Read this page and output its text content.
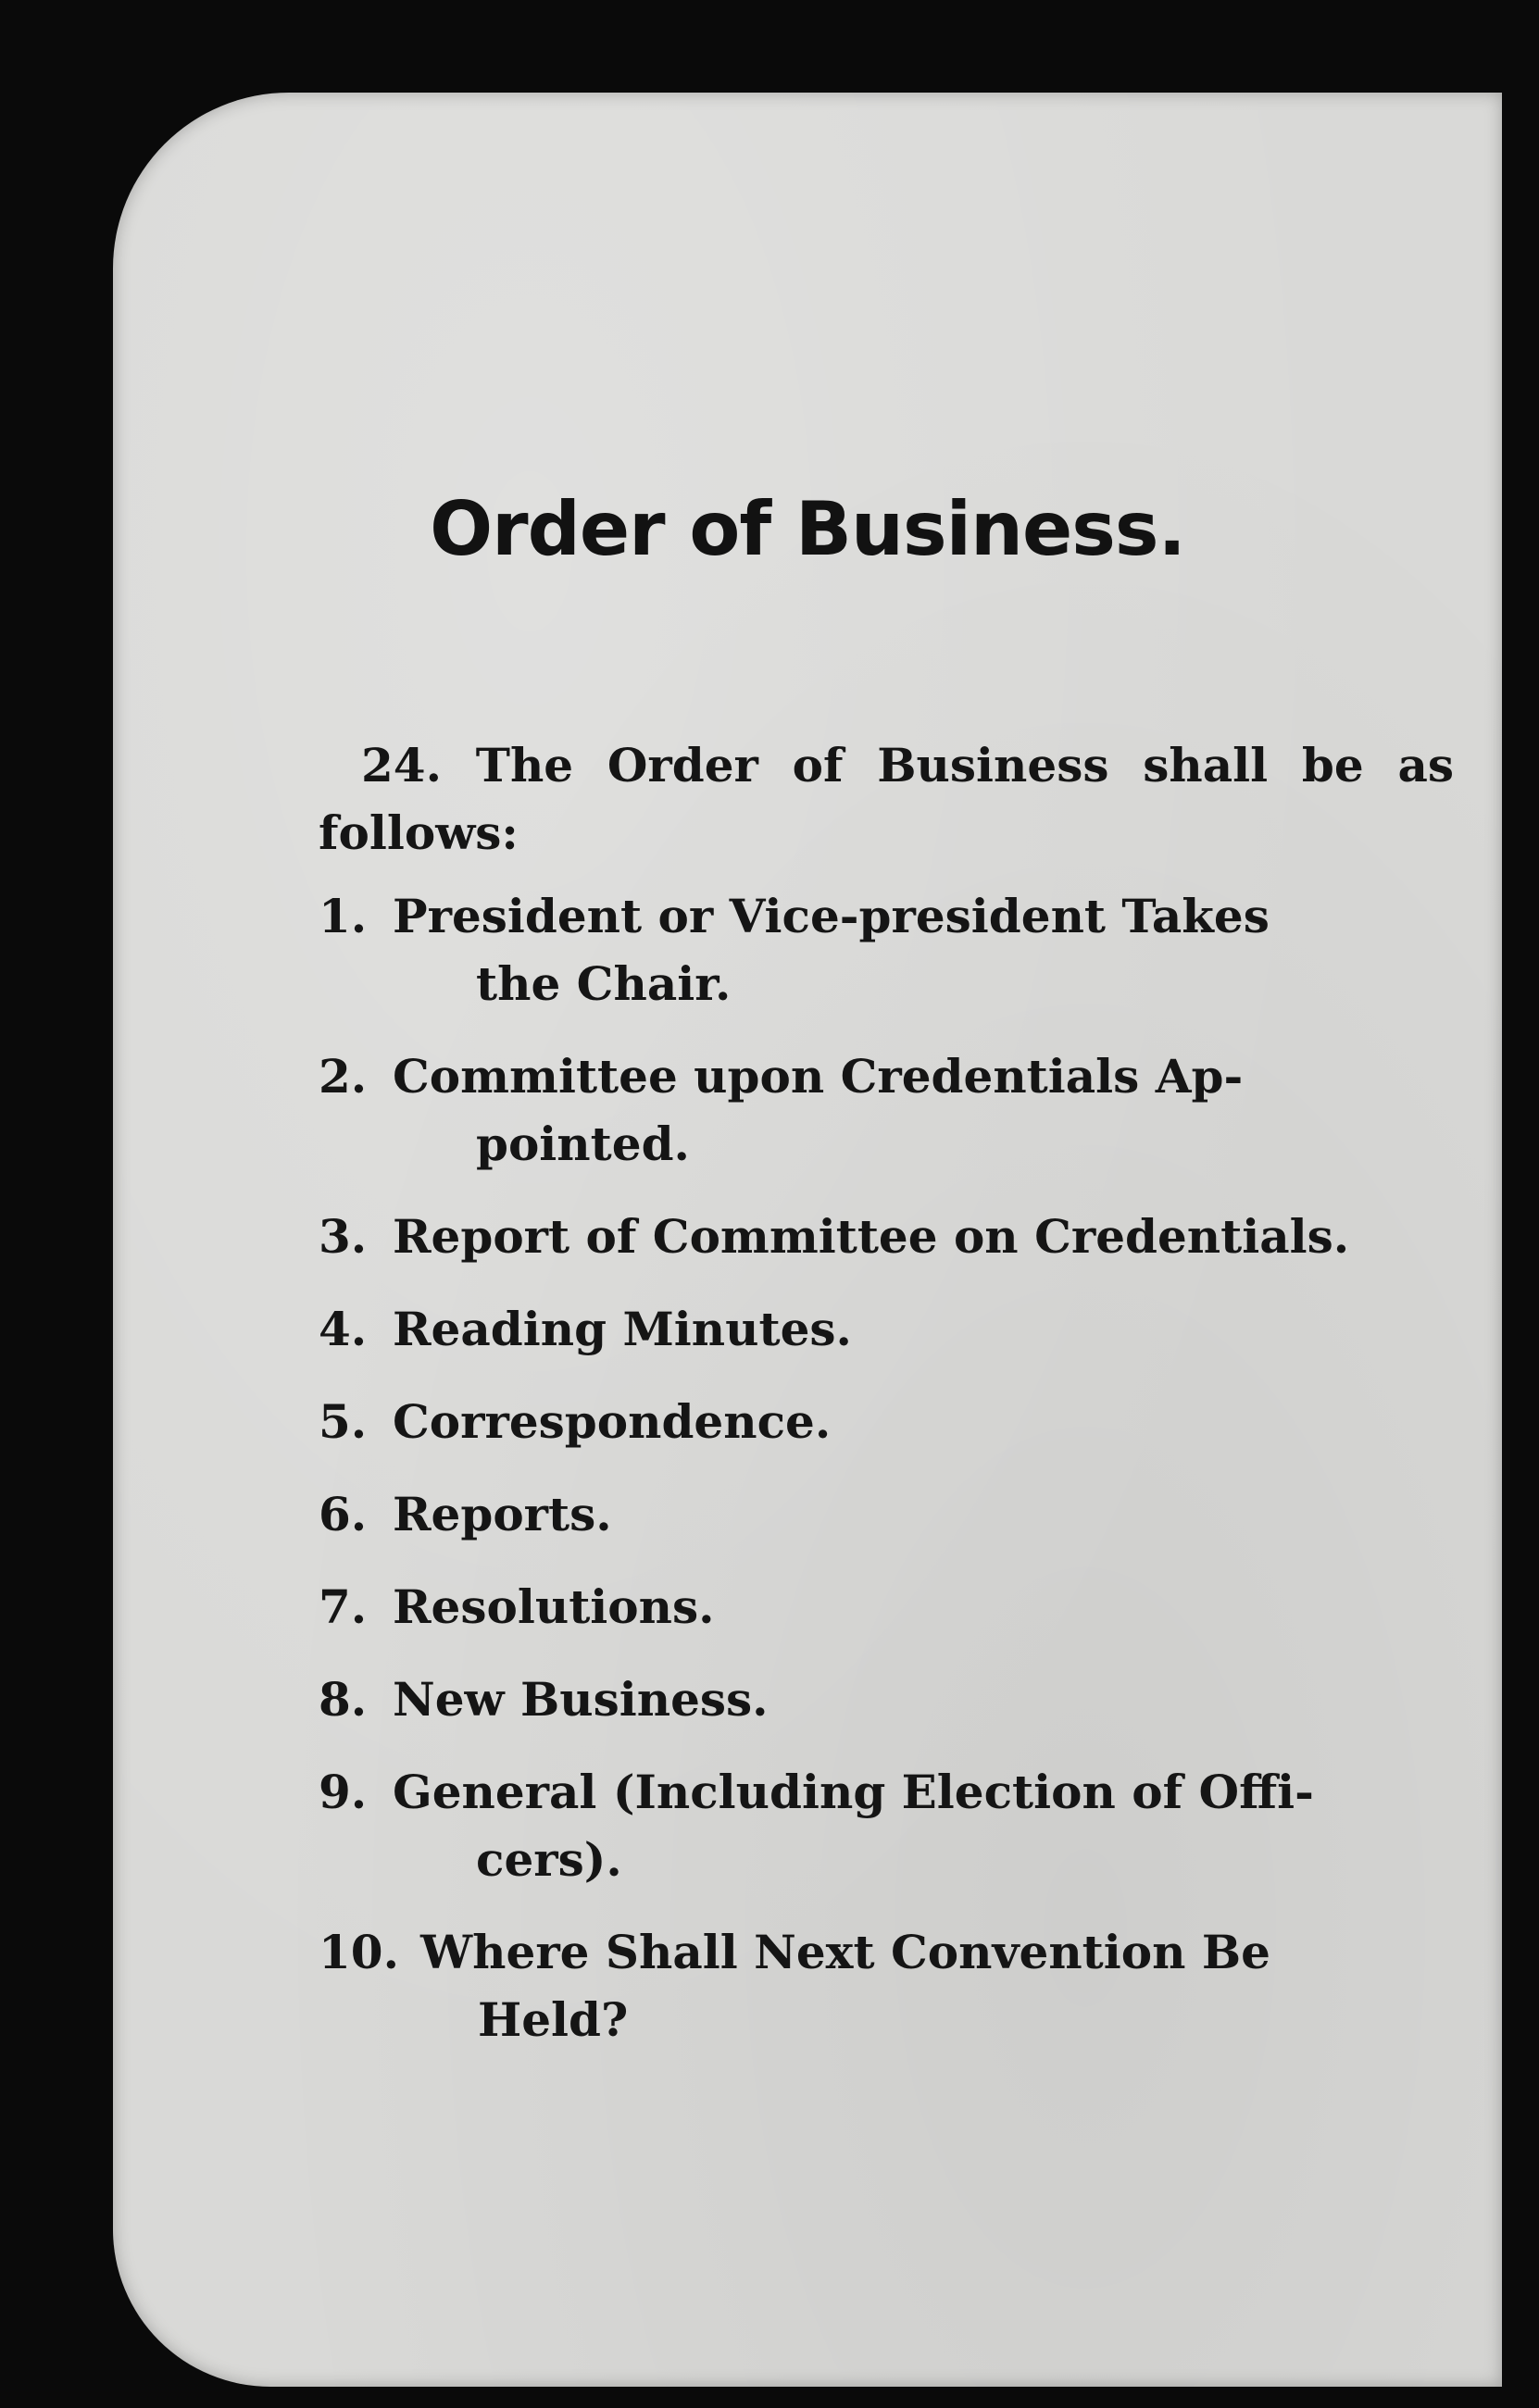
Order of Business.

24. The Order of Business shall be as follows:

1. President or Vice-president Takes
the Chair.
2. Committee upon Credentials Ap-
pointed.
3. Report of Committee on Credentials.
4. Reading Minutes.
5. Correspondence.
6. Reports.
7. Resolutions.
8. New Business.
9. General (Including Election of Offi-
cers).
10. Where Shall Next Convention Be
Held?
